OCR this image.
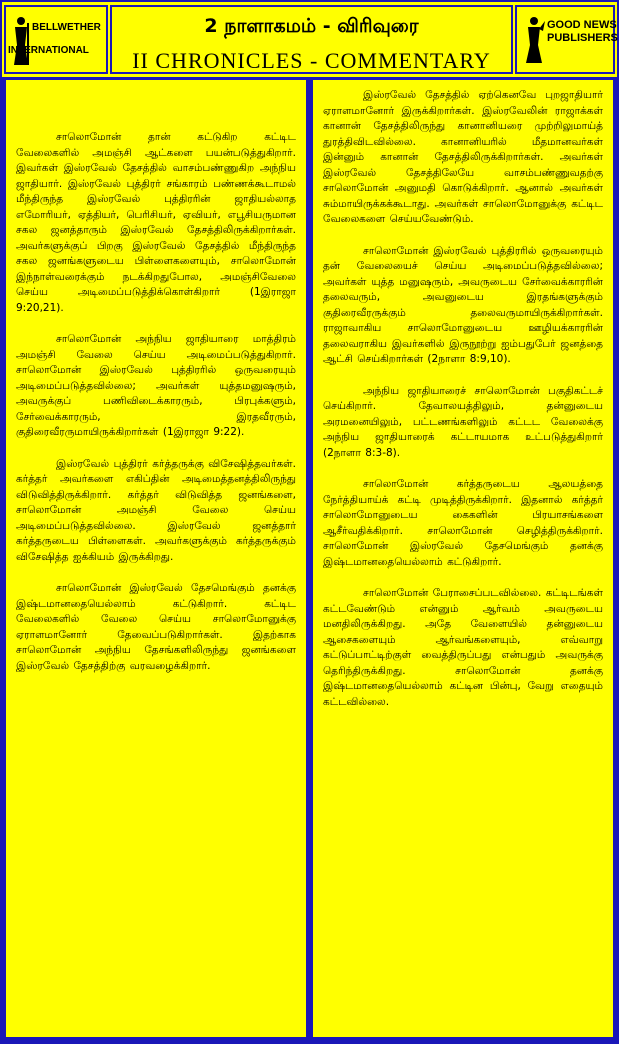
BELLWETHER
INTERNATIONAL
2 நாளாகமம் - விரிவுரை
II CHRONICLES - COMMENTARY
GOOD NEWS
PUBLISHERS

சாலொமோன் தான் கட்டுகிற கட்டிட வேலைகளில் அமஞ்சி ஆட்களை பயன்படுத்துகிறார். இவர்கள் இஸ்ரவேல் தேசத்தில் வாசம்பண்ணுகிற அந்நிய ஜாதியார். இஸ்ரவேல் புத்திரர் சங்காரம் பண்ணக்கூடாமல் மீந்திருந்த இஸ்ரவேல் புத்திரரின் ஜாதியல்லாத எமோரியர், ஏத்தியர், பெரிசியர், ஏவியர், எபூசியருமான சகல ஜனத்தாரும் இஸ்ரவேல் தேசத்திலிருக்கிறார்கள். அவர்களுக்குப் பிறகு இஸ்ரவேல் தேசத்தில் மீந்திருந்த சகல ஜனங்களுடைய பிள்ளைகளையும், சாலொமோன் இந்நாள்வரைக்கும் நடக்கிறதுபோல, அமஞ்சிவேலை செய்ய அடிமைப்படுத்திக்கொள்கிறார் (1இராஜா 9:20,21).

சாலொமோன் அந்நிய ஜாதியாரை மாத்திரம் அமஞ்சி வேலை செய்ய அடிமைப்படுத்துகிறார். சாலொமோன் இஸ்ரவேல் புத்திரரில் ஒருவரையும் அடிமைப்படுத்தவில்லை; அவர்கள் யுத்தமனுஷரும், அவருக்குப் பணிவிடைக்காரரும், பிரபுக்களும், சேர்வைக்காரரும், இரதவீரரும், குதிரைவீரருமாயிருக்கிறார்கள் (1இராஜா 9:22).

இஸ்ரவேல் புத்திரர் கர்த்தருக்கு விசேஷித்தவர்கள். கர்த்தர் அவர்களை எகிப்தின் அடிமைத்தனத்திலிருந்து விடுவித்திருக்கிறார். கர்த்தர் விடுவித்த ஜனங்களை, சாலொமோன் அமஞ்சி வேலை செய்ய அடிமைப்படுத்தவில்லை. இஸ்ரவேல் ஜனத்தார் கர்த்தருடைய பிள்ளைகள். அவர்களுக்கும் கர்த்தருக்கும் விசேஷித்த ஐக்கியம் இருக்கிறது.

சாலொமோன் இஸ்ரவேல் தேசமெங்கும் தனக்கு இஷ்டமானதையெல்லாம் கட்டுகிறார். கட்டிட வேலைகளில் வேலை செய்ய சாலொமோனுக்கு ஏராளமானோர் தேவைப்படுகிறார்கள். இதற்காக சாலொமோன் அந்நிய தேசங்களிலிருந்து ஜனங்களை இஸ்ரவேல் தேசத்திற்கு வரவழைக்கிறார்.

இஸ்ரவேல் தேசத்தில் ஏற்கெனவே புறஜாதியார் ஏராளமானோர் இருக்கிறார்கள். இஸ்ரவேலின் ராஜாக்கள் கானான் தேசத்திலிருந்து கானானியரை முற்றிலுமாய்த் துரத்திவிடவில்லை. கானானியரில் மீதமானவர்கள் இன்னும் கானான் தேசத்திலிருக்கிறார்கள். அவர்கள் இஸ்ரவேல் தேசத்திலேயே வாசம்பண்ணுவதற்கு சாலொமோன் அனுமதி கொடுக்கிறார். ஆனால் அவர்கள் சும்மாயிருக்கக்கூடாது. அவர்கள் சாலொமோனுக்கு கட்டிட வேலைகளை செய்யவேண்டும்.

சாலொமோன் இஸ்ரவேல் புத்திரரில் ஒருவரையும் தன் வேலையைச் செய்ய அடிமைப்படுத்தவில்லை; அவர்கள் யுத்த மனுஷரும், அவருடைய சேர்வைக்காரரின் தலைவரும், அவனுடைய இரதங்களுக்கும் குதிரைவீரருக்கும் தலைவருமாயிருக்கிறார்கள். ராஜாவாகிய சாலொமோனுடைய ஊழியக்காரரின் தலைவராகிய இவர்களில் இருநூற்று ஐம்பதுபேர் ஜனத்தை ஆட்சி செய்கிறார்கள் (2நாளா 8:9,10).

அந்நிய ஜாதியாரைச் சாலொமோன் பகுதிகட்டச் செய்கிறார். தேவாலயத்திலும், தன்னுடைய அரமனையிலும், பட்டணங்களிலும் கட்டட வேலைக்கு அந்நிய ஜாதியாரைக் கட்டாயமாக உட்படுத்துகிறார் (2நாளா 8:3-8).

சாலொமோன் கர்த்தருடைய ஆலயத்தை நேர்த்தியாய்க் கட்டி முடித்திருக்கிறார். இதனால் கர்த்தர் சாலொமோனுடைய கைகளின் பிரயாசங்களை ஆசீர்வதிக்கிறார். சாலொமோன் செழித்திருக்கிறார். சாலொமோன் இஸ்ரவேல் தேசமெங்கும் தனக்கு இஷ்டமானதையெல்லாம் கட்டுகிறார்.

சாலொமோன் பேராசைப்படவில்லை. கட்டிடங்கள் கட்டவேண்டும் என்னும் ஆர்வம் அவருடைய மனதிலிருக்கிறது. அதே வேளையில் தன்னுடைய ஆசைகளையும் ஆர்வங்களையும், எவ்வாறு கட்டுப்பாட்டிற்குள் வைத்திருப்பது என்பதும் அவருக்கு தெரிந்திருக்கிறது. சாலொமோன் தனக்கு இஷ்டமானதையெல்லாம் கட்டின பின்பு, வேறு எதையும் கட்டவில்லை.
